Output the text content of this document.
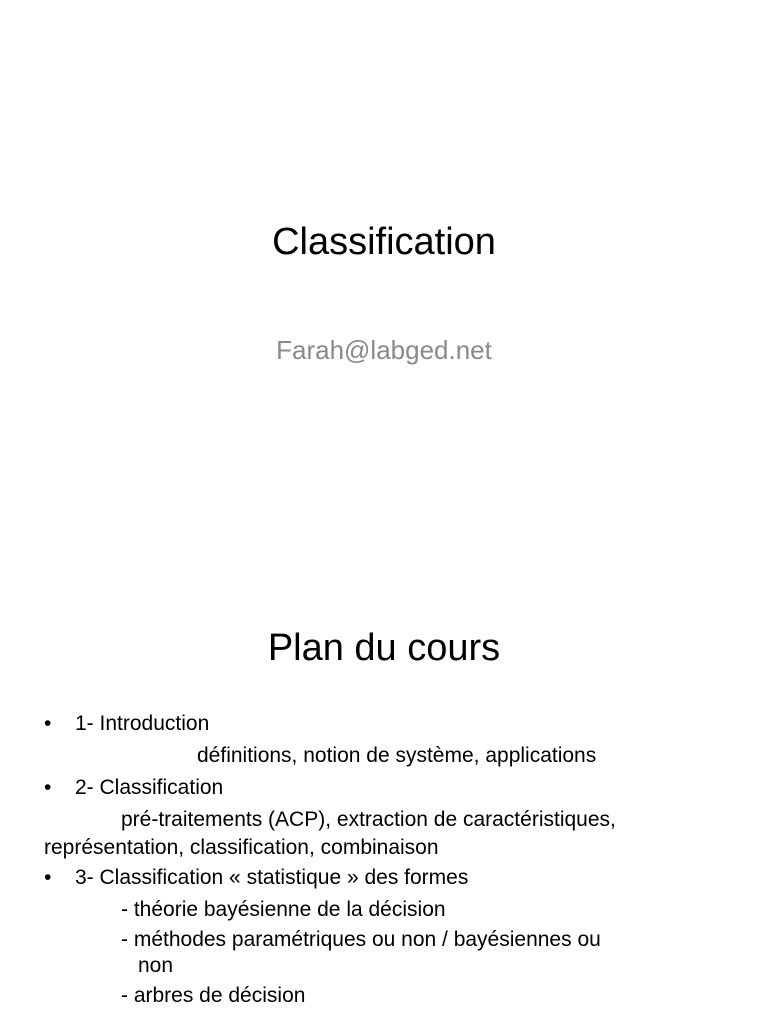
Classification
Farah@labged.net
Plan du cours
•	1- Introduction
définitions, notion de système, applications
•	2- Classification
pré-traitements (ACP), extraction de caractéristiques,
représentation, classification, combinaison
•	3- Classification « statistique » des formes
- théorie bayésienne de la décision
- méthodes paramétriques ou non / bayésiennes ou
non
- arbres de décision
